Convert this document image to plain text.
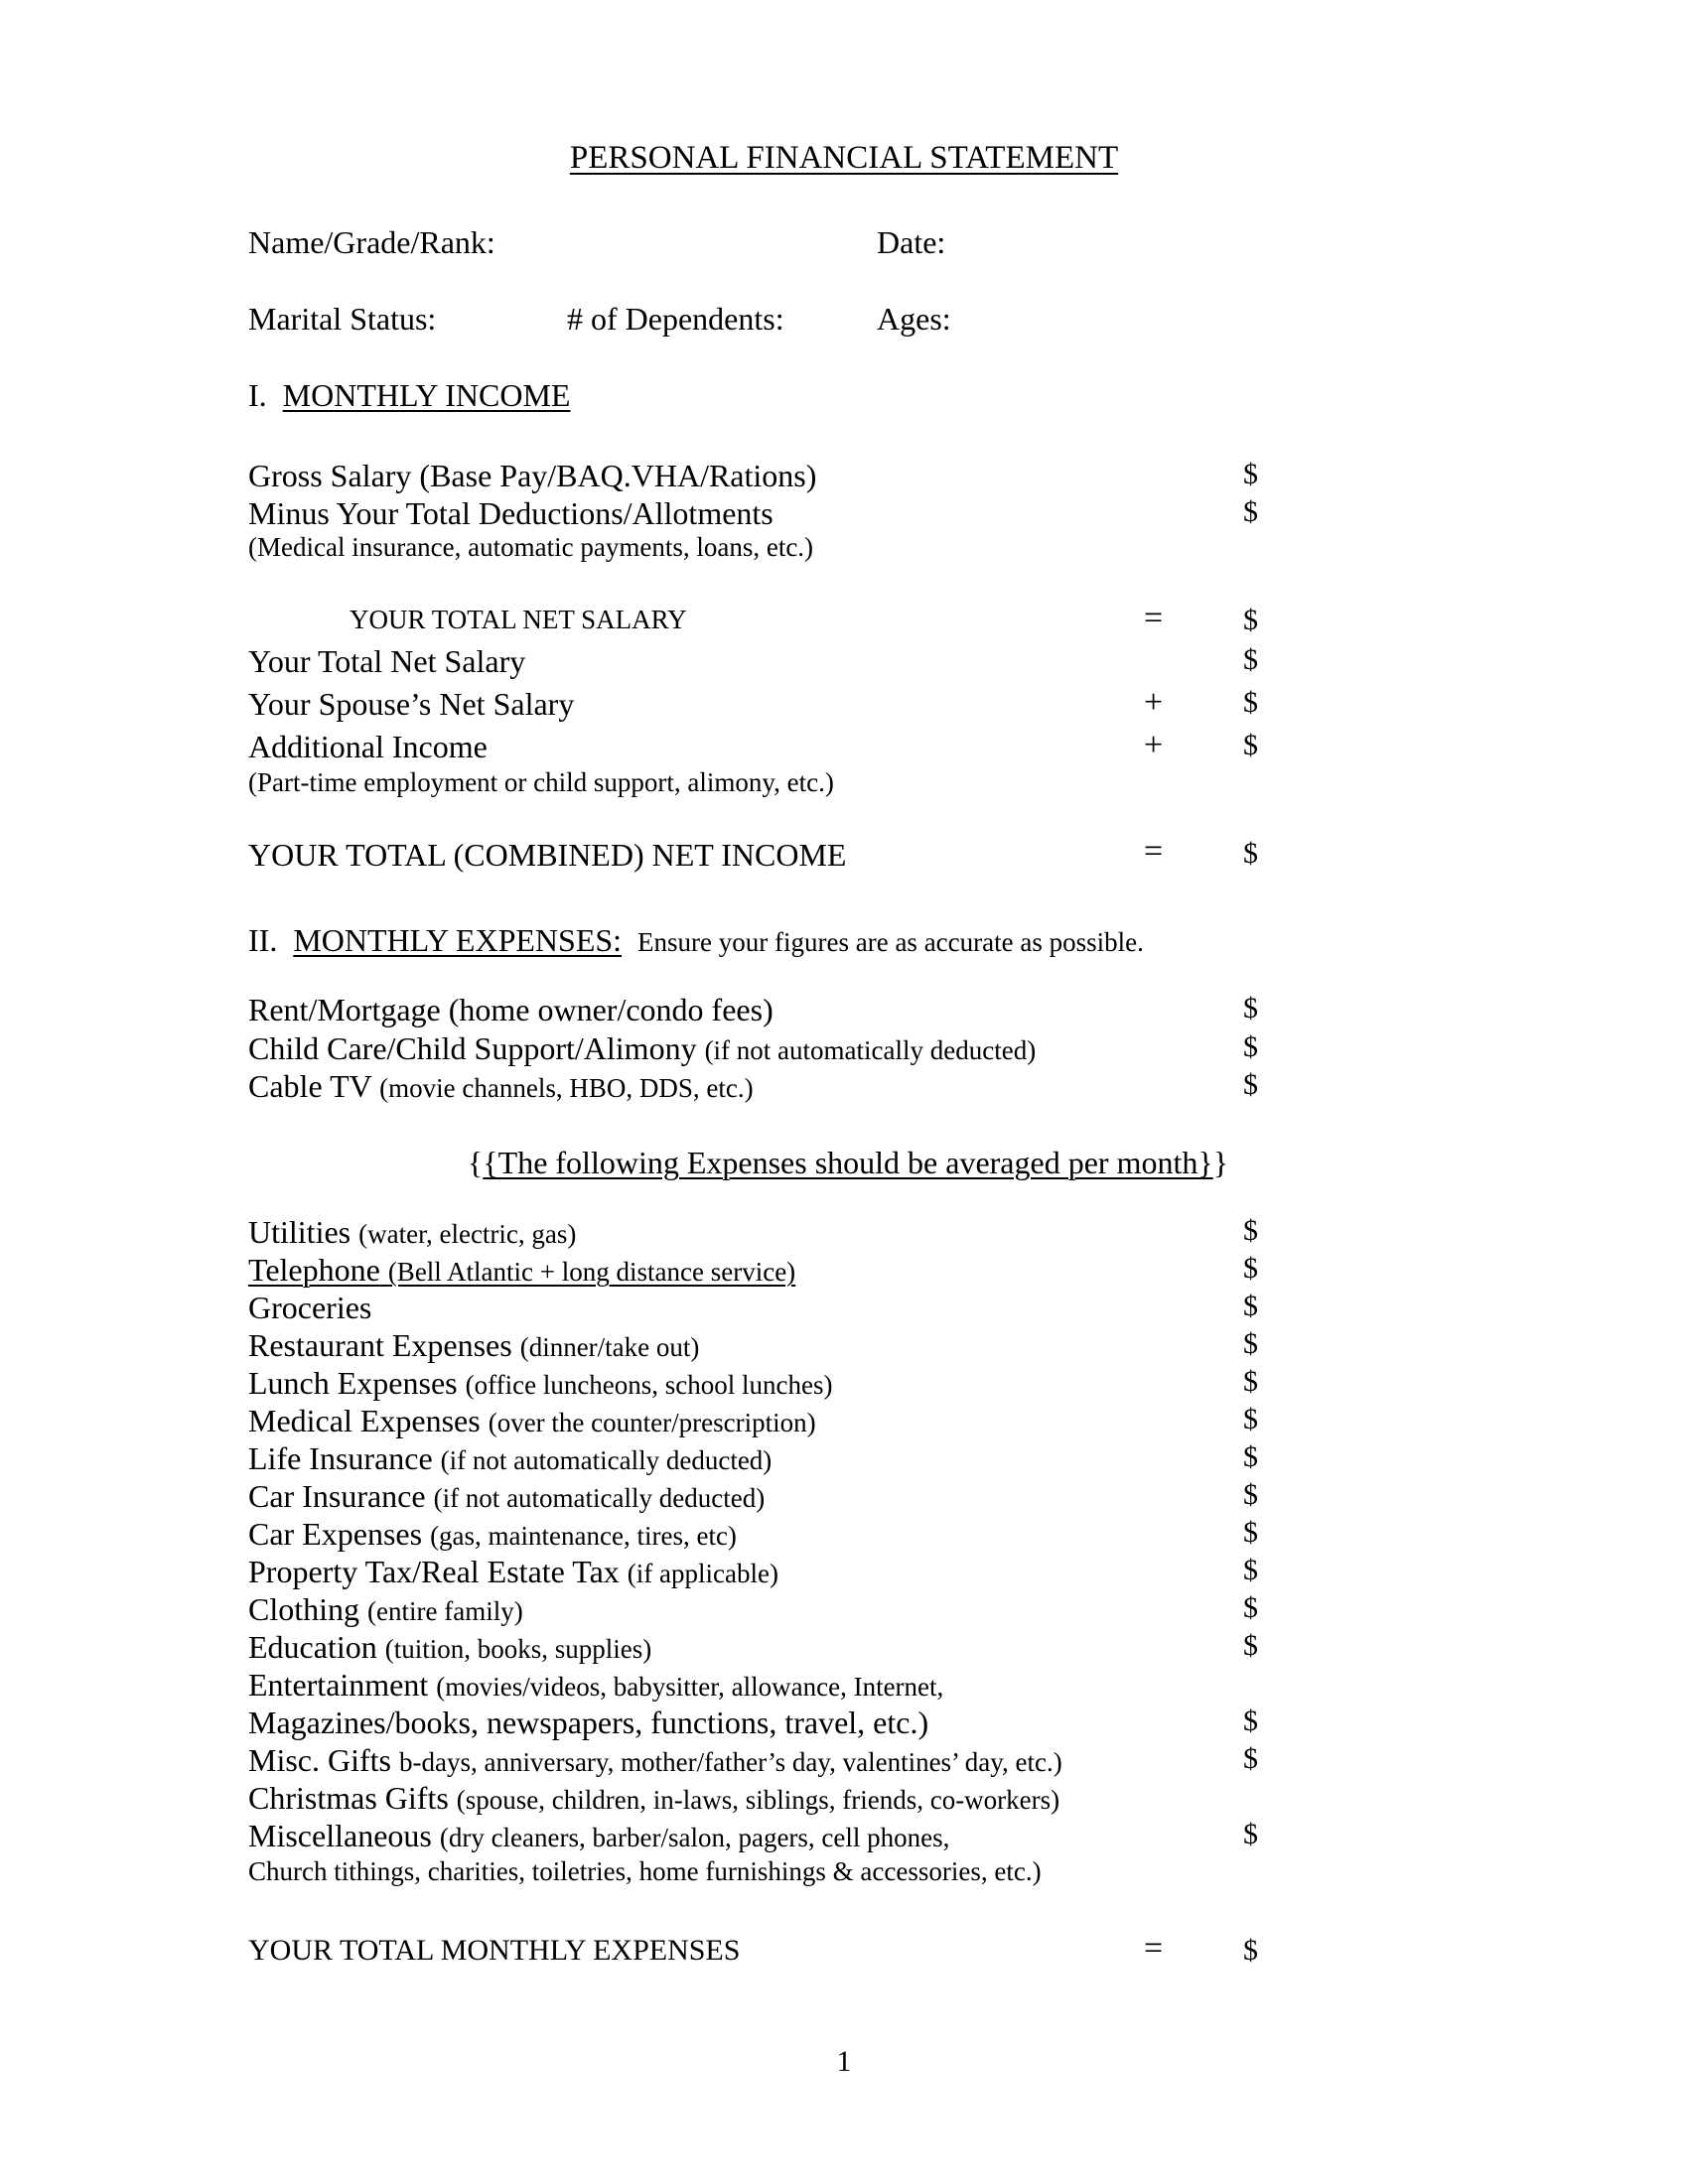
PERSONAL FINANCIAL STATEMENT
Name/Grade/Rank:	Date:
Marital Status:	# of Dependents:	Ages:
I. MONTHLY INCOME
Gross Salary (Base Pay/BAQ.VHA/Rations)	$
Minus Your Total Deductions/Allotments	$
(Medical insurance, automatic payments, loans, etc.)
YOUR TOTAL NET SALARY	=	$
Your Total Net Salary	$
Your Spouse’s Net Salary	+	$
Additional Income	+	$
(Part-time employment or child support, alimony, etc.)
YOUR TOTAL (COMBINED) NET INCOME	=	$
II. MONTHLY EXPENSES: Ensure your figures are as accurate as possible.
Rent/Mortgage (home owner/condo fees)	$
Child Care/Child Support/Alimony (if not automatically deducted)	$
Cable TV (movie channels, HBO, DDS, etc.)	$
{{The following Expenses should be averaged per month}}
Utilities (water, electric, gas)	$
Telephone (Bell Atlantic + long distance service)	$
Groceries	$
Restaurant Expenses (dinner/take out)	$
Lunch Expenses (office luncheons, school lunches)	$
Medical Expenses (over the counter/prescription)	$
Life Insurance (if not automatically deducted)	$
Car Insurance (if not automatically deducted)	$
Car Expenses (gas, maintenance, tires, etc)	$
Property Tax/Real Estate Tax (if applicable)	$
Clothing (entire family)	$
Education (tuition, books, supplies)	$
Entertainment (movies/videos, babysitter, allowance, Internet,
Magazines/books, newspapers, functions, travel, etc.)	$
Misc. Gifts b-days, anniversary, mother/father’s day, valentines’ day, etc.)	$
Christmas Gifts (spouse, children, in-laws, siblings, friends, co-workers)
Miscellaneous (dry cleaners, barber/salon, pagers, cell phones,	$
Church tithings, charities, toiletries, home furnishings & accessories, etc.)
YOUR TOTAL MONTHLY EXPENSES	=	$
1
